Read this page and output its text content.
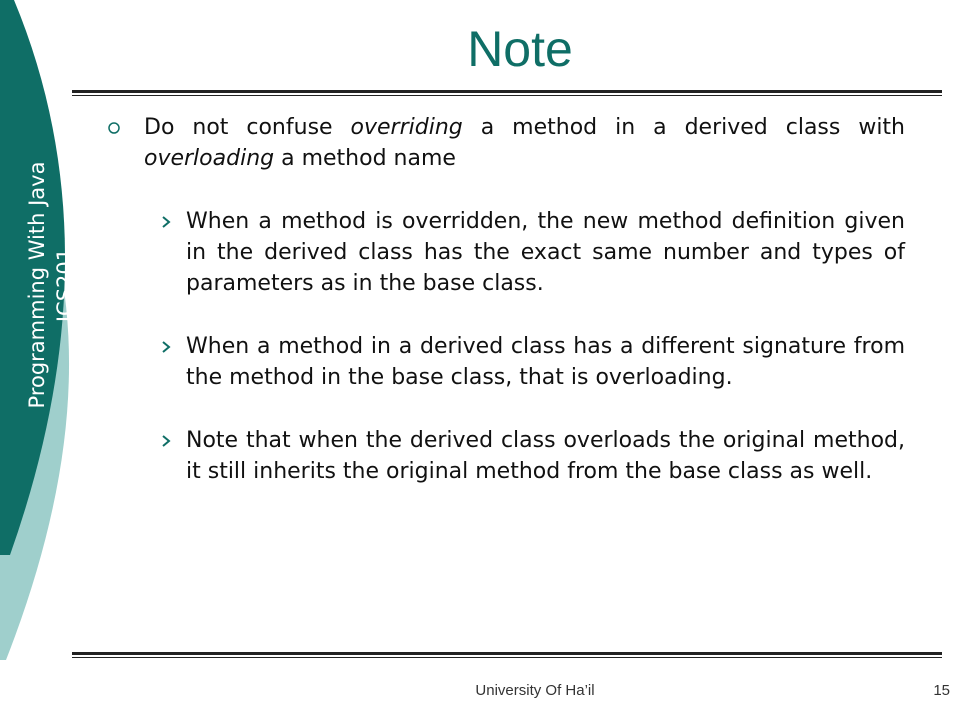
Programming With Java ICS201
Note
Do not confuse overriding a method in a derived class with overloading a method name
When a method is overridden, the new method definition given in the derived class has the exact same number and types of parameters as in the base class.
When a method in a derived class has a different signature from the method in the base class, that is overloading.
Note that when the derived class overloads the original method, it still inherits the original method from the base class as well.
University Of Ha’il	15
